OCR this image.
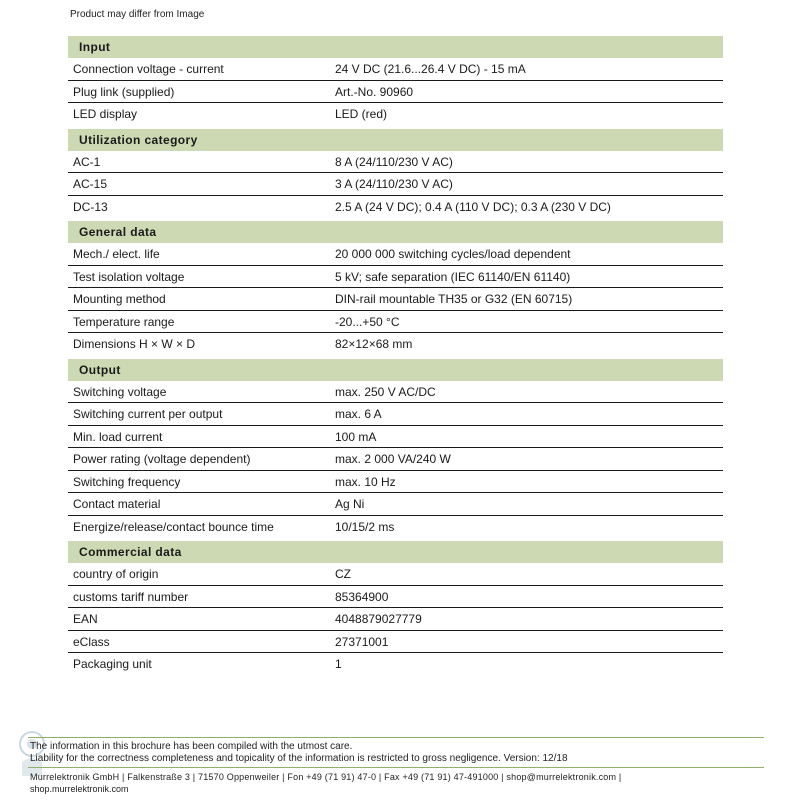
Product may differ from Image
Input
Connection voltage - current	24 V DC (21.6...26.4 V DC) - 15 mA
Plug link (supplied)	Art.-No. 90960
LED display	LED (red)
Utilization category
AC-1	8 A (24/110/230 V AC)
AC-15	3 A (24/110/230 V AC)
DC-13	2.5 A (24 V DC); 0.4 A (110 V DC); 0.3 A (230 V DC)
General data
Mech./ elect. life	20 000 000 switching cycles/load dependent
Test isolation voltage	5 kV; safe separation (IEC 61140/EN 61140)
Mounting method	DIN-rail mountable TH35 or G32 (EN 60715)
Temperature range	-20...+50 °C
Dimensions H × W × D	82×12×68 mm
Output
Switching voltage	max. 250 V AC/DC
Switching current per output	max. 6 A
Min. load current	100 mA
Power rating (voltage dependent)	max. 2 000 VA/240 W
Switching frequency	max. 10 Hz
Contact material	Ag Ni
Energize/release/contact bounce time	10/15/2 ms
Commercial data
country of origin	CZ
customs tariff number	85364900
EAN	4048879027779
eClass	27371001
Packaging unit	1
The information in this brochure has been compiled with the utmost care.
Liability for the correctness completeness and topicality of the information is restricted to gross negligence. Version: 12/18
Murrelektronik GmbH | Falkenstraße 3 | 71570 Oppenweiler | Fon +49 (71 91) 47-0 | Fax +49 (71 91) 47-491000 | shop@murrelektronik.com |
shop.murrelektronik.com
